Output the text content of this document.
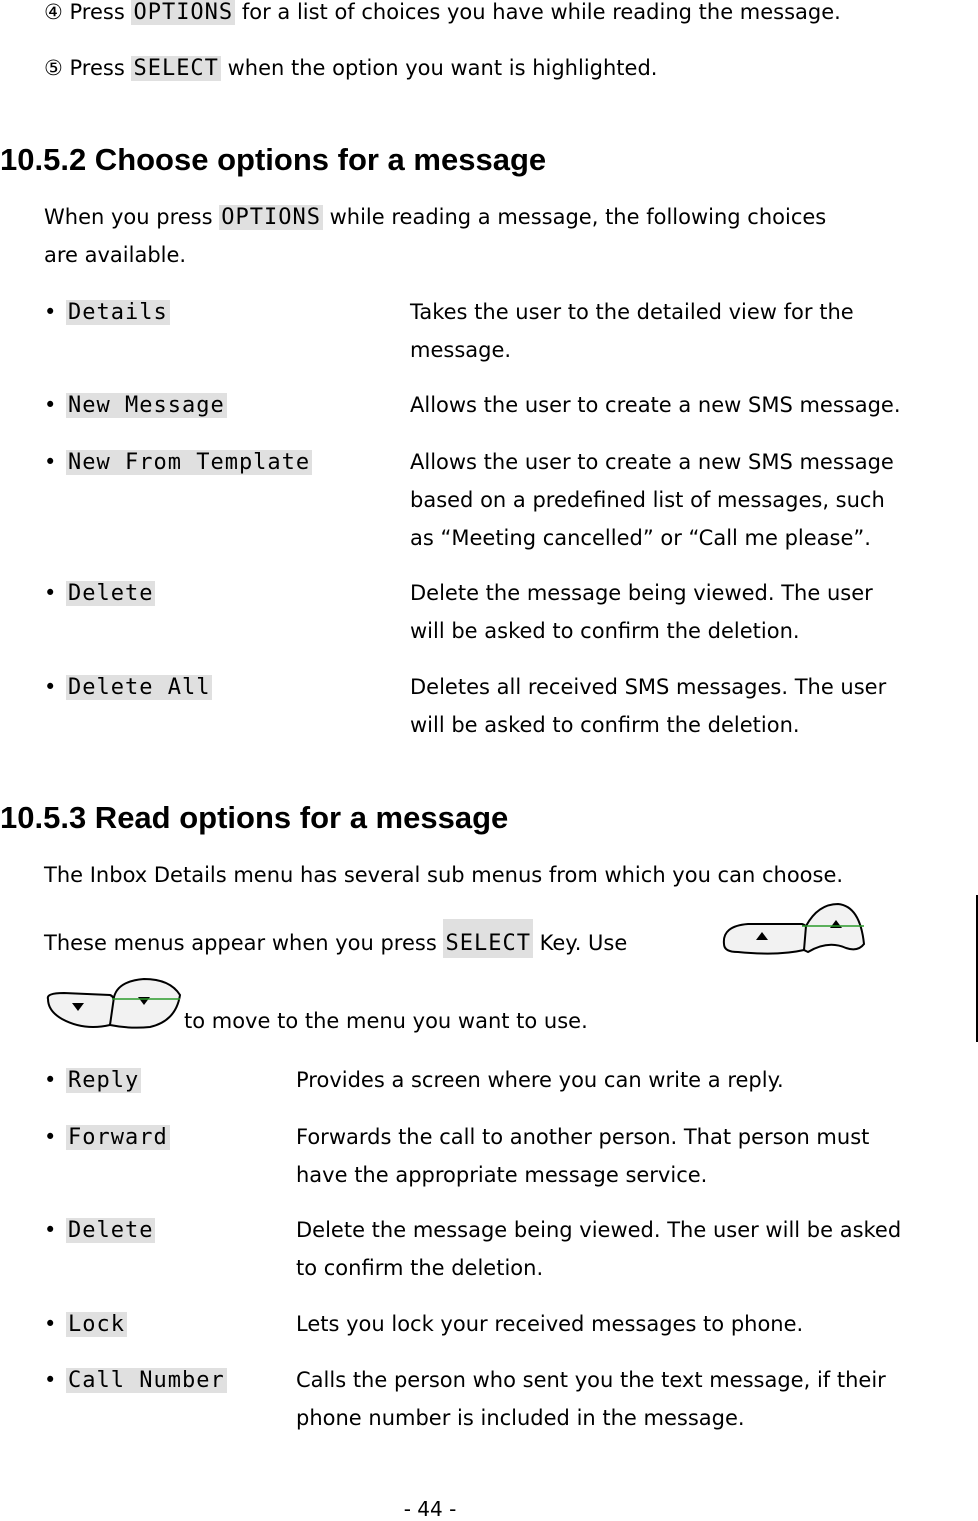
④ Press OPTIONS for a list of choices you have while reading the message.
⑤ Press SELECT when the option you want is highlighted.
10.5.2 Choose options for a message
When you press OPTIONS while reading a message, the following choices
are available.
• Details	Takes the user to the detailed view for the
message.
• New Message	Allows the user to create a new SMS message.
• New From Template	Allows the user to create a new SMS message
based on a predefined list of messages, such
as “Meeting cancelled” or “Call me please”.
• Delete	Delete the message being viewed. The user
will be asked to confirm the deletion.
• Delete All	Deletes all received SMS messages. The user
will be asked to confirm the deletion.
10.5.3 Read options for a message
The Inbox Details menu has several sub menus from which you can choose.
These menus appear when you press SELECT Key. Use
to move to the menu you want to use.
• Reply	Provides a screen where you can write a reply.
• Forward	Forwards the call to another person. That person must
have the appropriate message service.
• Delete	Delete the message being viewed. The user will be asked
to confirm the deletion.
• Lock	Lets you lock your received messages to phone.
• Call Number	Calls the person who sent you the text message, if their
phone number is included in the message.
- 44 -
